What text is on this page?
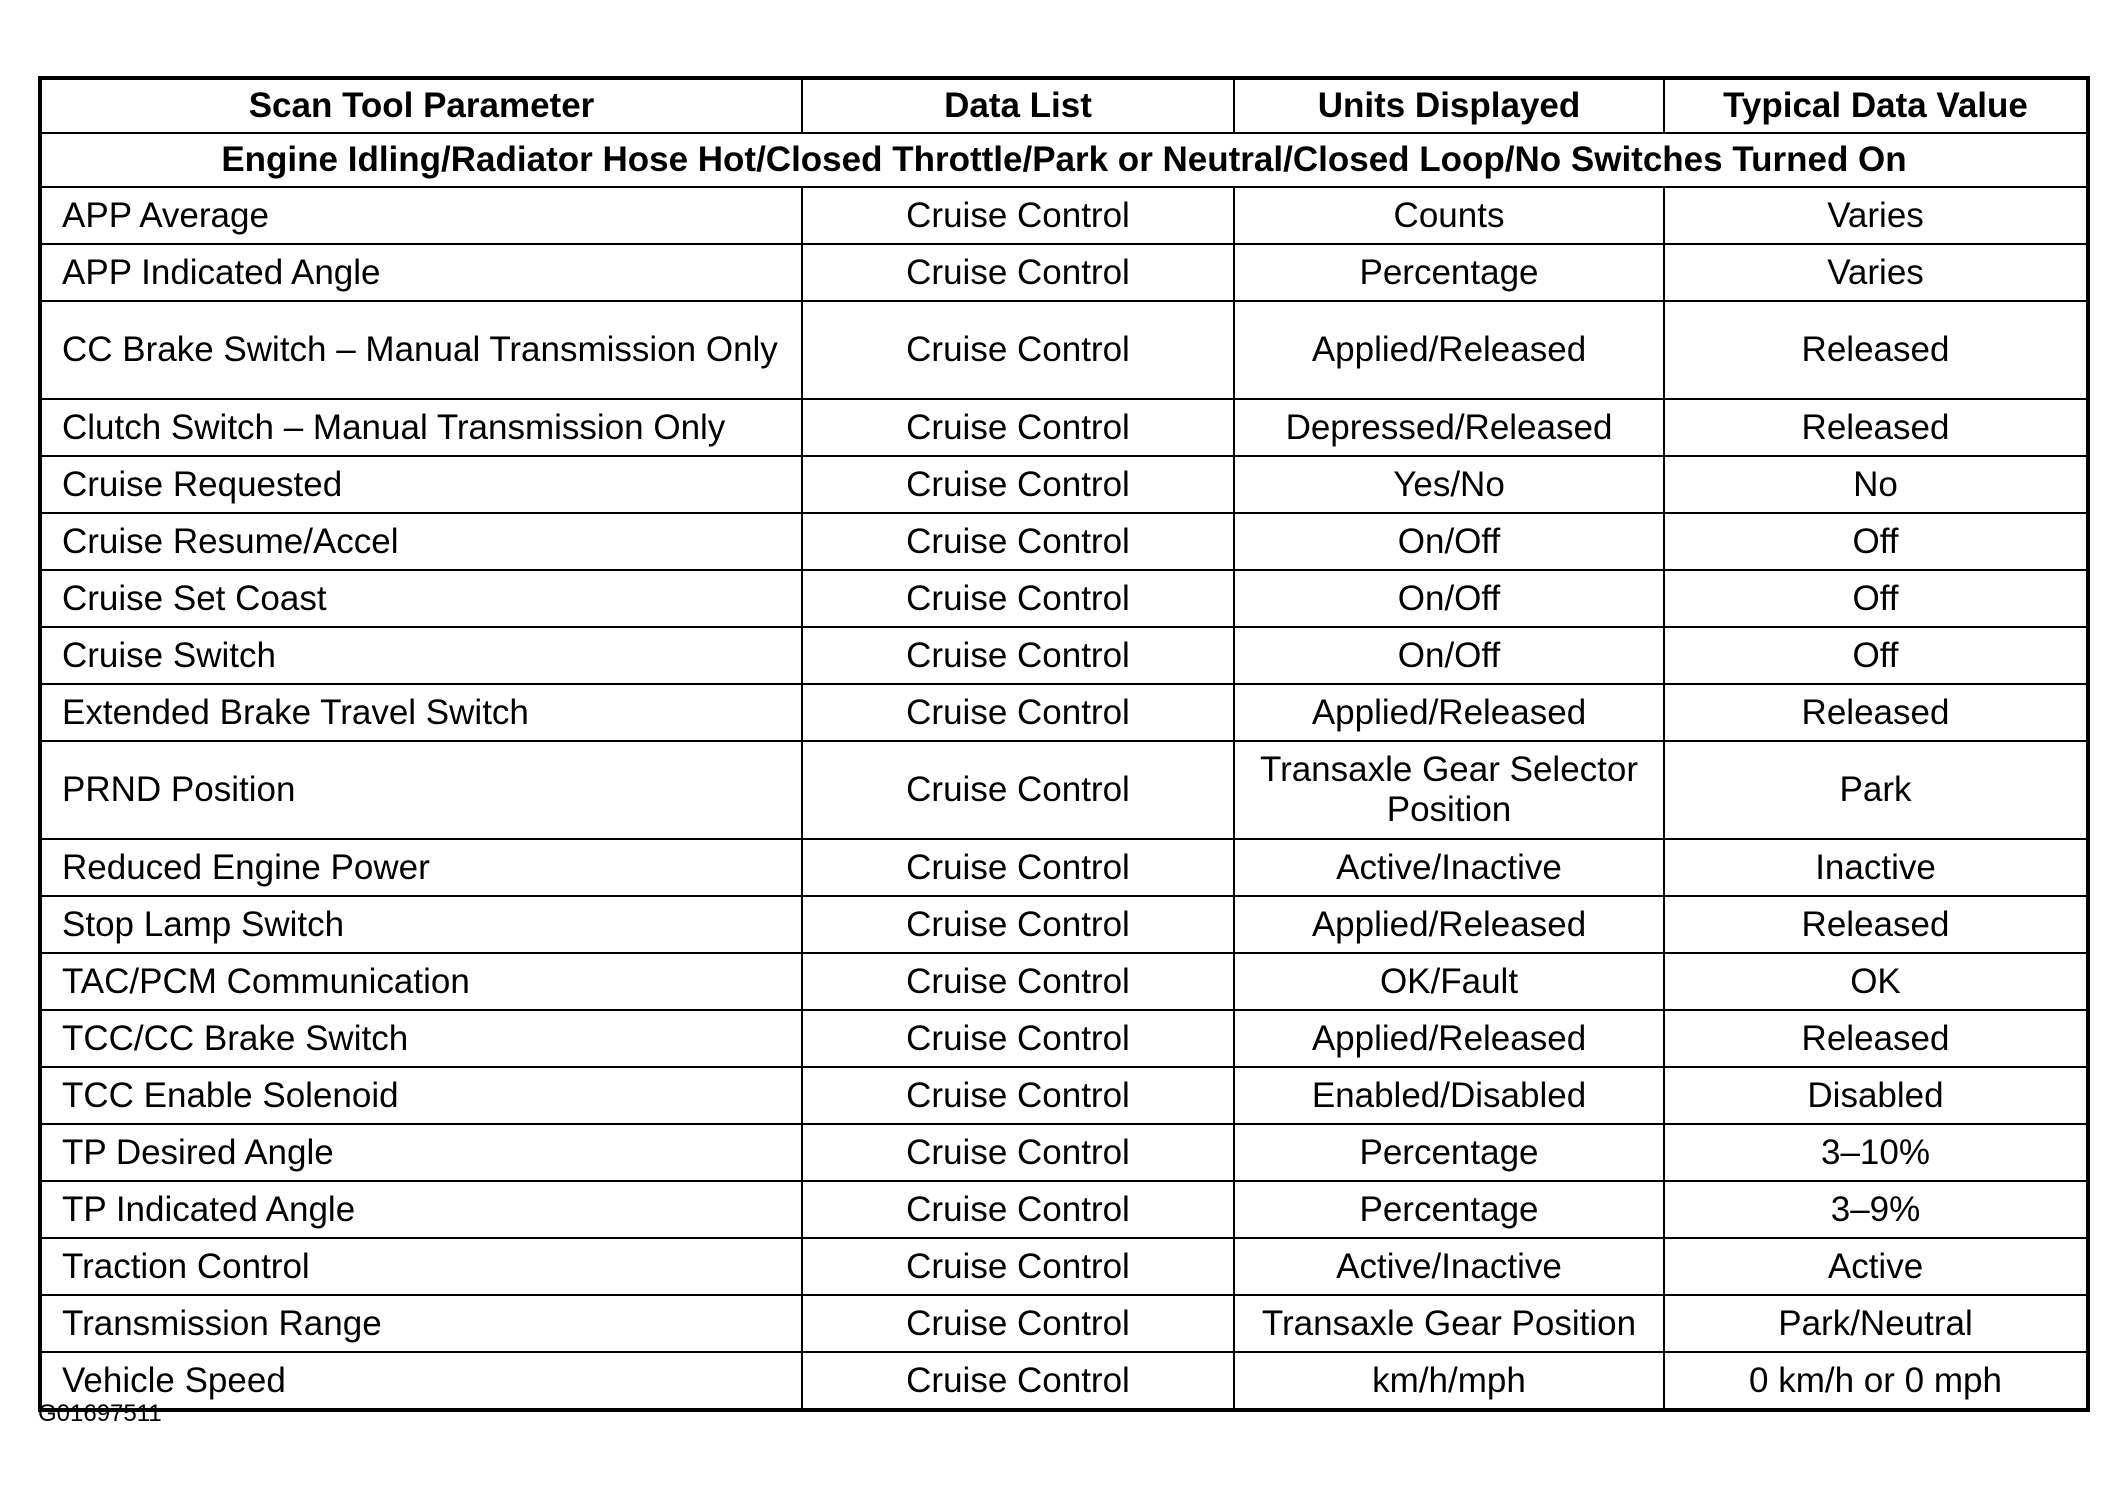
Scan Tool Parameter	Data List	Units Displayed	Typical Data Value
Engine Idling/Radiator Hose Hot/Closed Throttle/Park or Neutral/Closed Loop/No Switches Turned On			
APP Average	Cruise Control	Counts	Varies
APP Indicated Angle	Cruise Control	Percentage	Varies
CC Brake Switch – Manual Transmission Only	Cruise Control	Applied/Released	Released
Clutch Switch – Manual Transmission Only	Cruise Control	Depressed/Released	Released
Cruise Requested	Cruise Control	Yes/No	No
Cruise Resume/Accel	Cruise Control	On/Off	Off
Cruise Set Coast	Cruise Control	On/Off	Off
Cruise Switch	Cruise Control	On/Off	Off
Extended Brake Travel Switch	Cruise Control	Applied/Released	Released
PRND Position	Cruise Control	Transaxle Gear Selector Position	Park
Reduced Engine Power	Cruise Control	Active/Inactive	Inactive
Stop Lamp Switch	Cruise Control	Applied/Released	Released
TAC/PCM Communication	Cruise Control	OK/Fault	OK
TCC/CC Brake Switch	Cruise Control	Applied/Released	Released
TCC Enable Solenoid	Cruise Control	Enabled/Disabled	Disabled
TP Desired Angle	Cruise Control	Percentage	3–10%
TP Indicated Angle	Cruise Control	Percentage	3–9%
Traction Control	Cruise Control	Active/Inactive	Active
Transmission Range	Cruise Control	Transaxle Gear Position	Park/Neutral
Vehicle Speed	Cruise Control	km/h/mph	0 km/h or 0 mph
G01697511
